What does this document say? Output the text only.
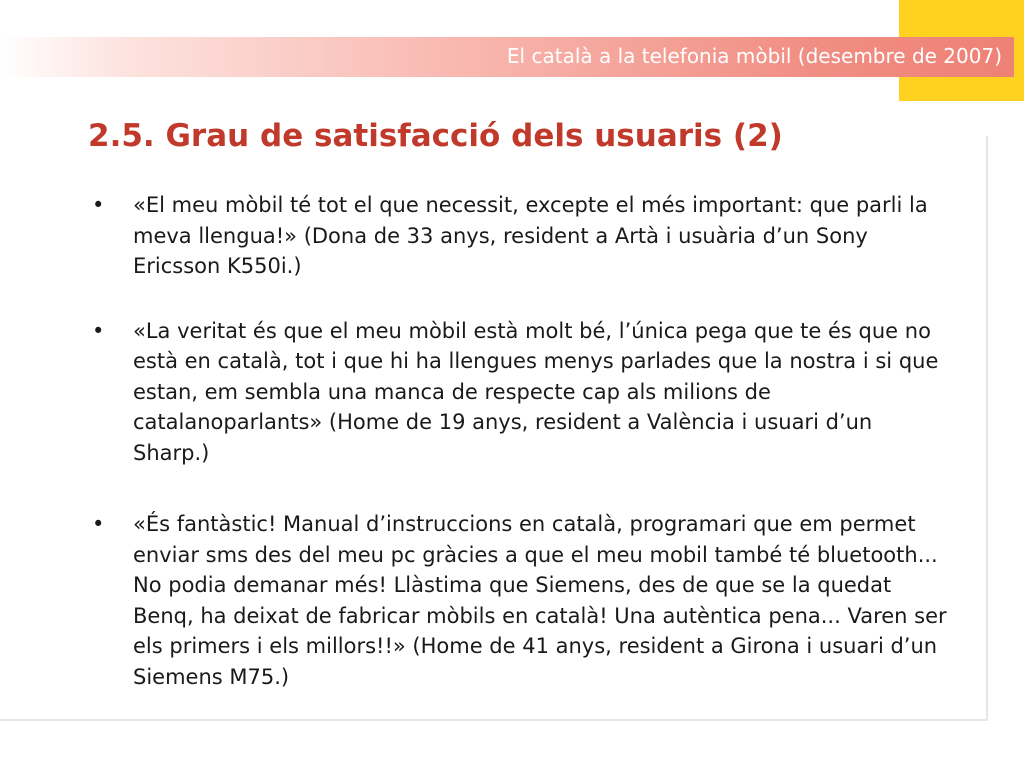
El català a la telefonia mòbil (desembre de 2007)
2.5. Grau de satisfacció dels usuaris (2)
• «El meu mòbil té tot el que necessit, excepte el més important: que parli la meva llengua!» (Dona de 33 anys, resident a Artà i usuària d’un Sony Ericsson K550i.)
• «La veritat és que el meu mòbil està molt bé, l’única pega que te és que no està en català, tot i que hi ha llengues menys parlades que la nostra i si que estan, em sembla una manca de respecte cap als milions de catalanoparlants» (Home de 19 anys, resident a València i usuari d’un Sharp.)
• «És fantàstic! Manual d’instruccions en català, programari que em permet enviar sms des del meu pc gràcies a que el meu mobil també té bluetooth... No podia demanar més! Llàstima que Siemens, des de que se la quedat Benq, ha deixat de fabricar mòbils en català! Una autèntica pena... Varen ser els primers i els millors!!» (Home de 41 anys, resident a Girona i usuari d’un Siemens M75.)
